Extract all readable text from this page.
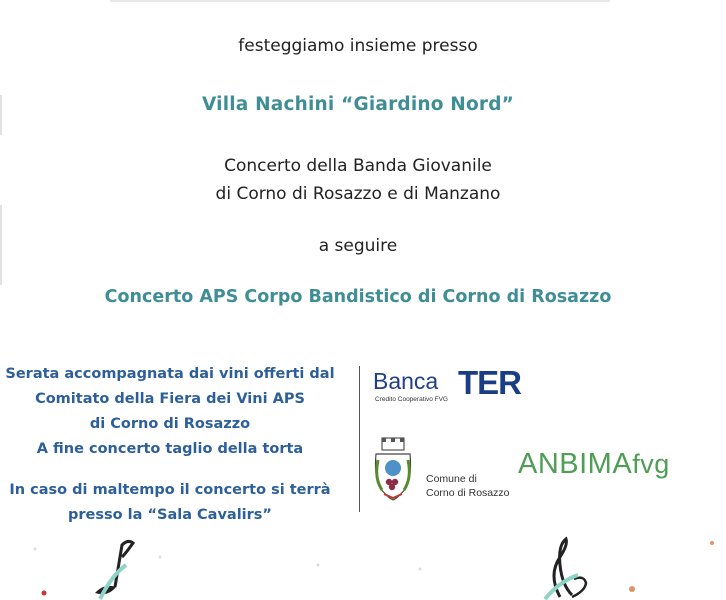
festeggiamo insieme presso
Villa Nachini “Giardino Nord”
Concerto della Banda Giovanile
di Corno di Rosazzo e di Manzano
a seguire
Concerto APS Corpo Bandistico di Corno di Rosazzo
Serata accompagnata dai vini offerti dal
Comitato della Fiera dei Vini APS
di Corno di Rosazzo
A fine concerto taglio della torta
In caso di maltempo il concerto si terrà
presso la “Sala Cavalirs”
Banca TER
Credito Cooperativo FVG
Comune di
Corno di Rosazzo
ANBIMAfvg
